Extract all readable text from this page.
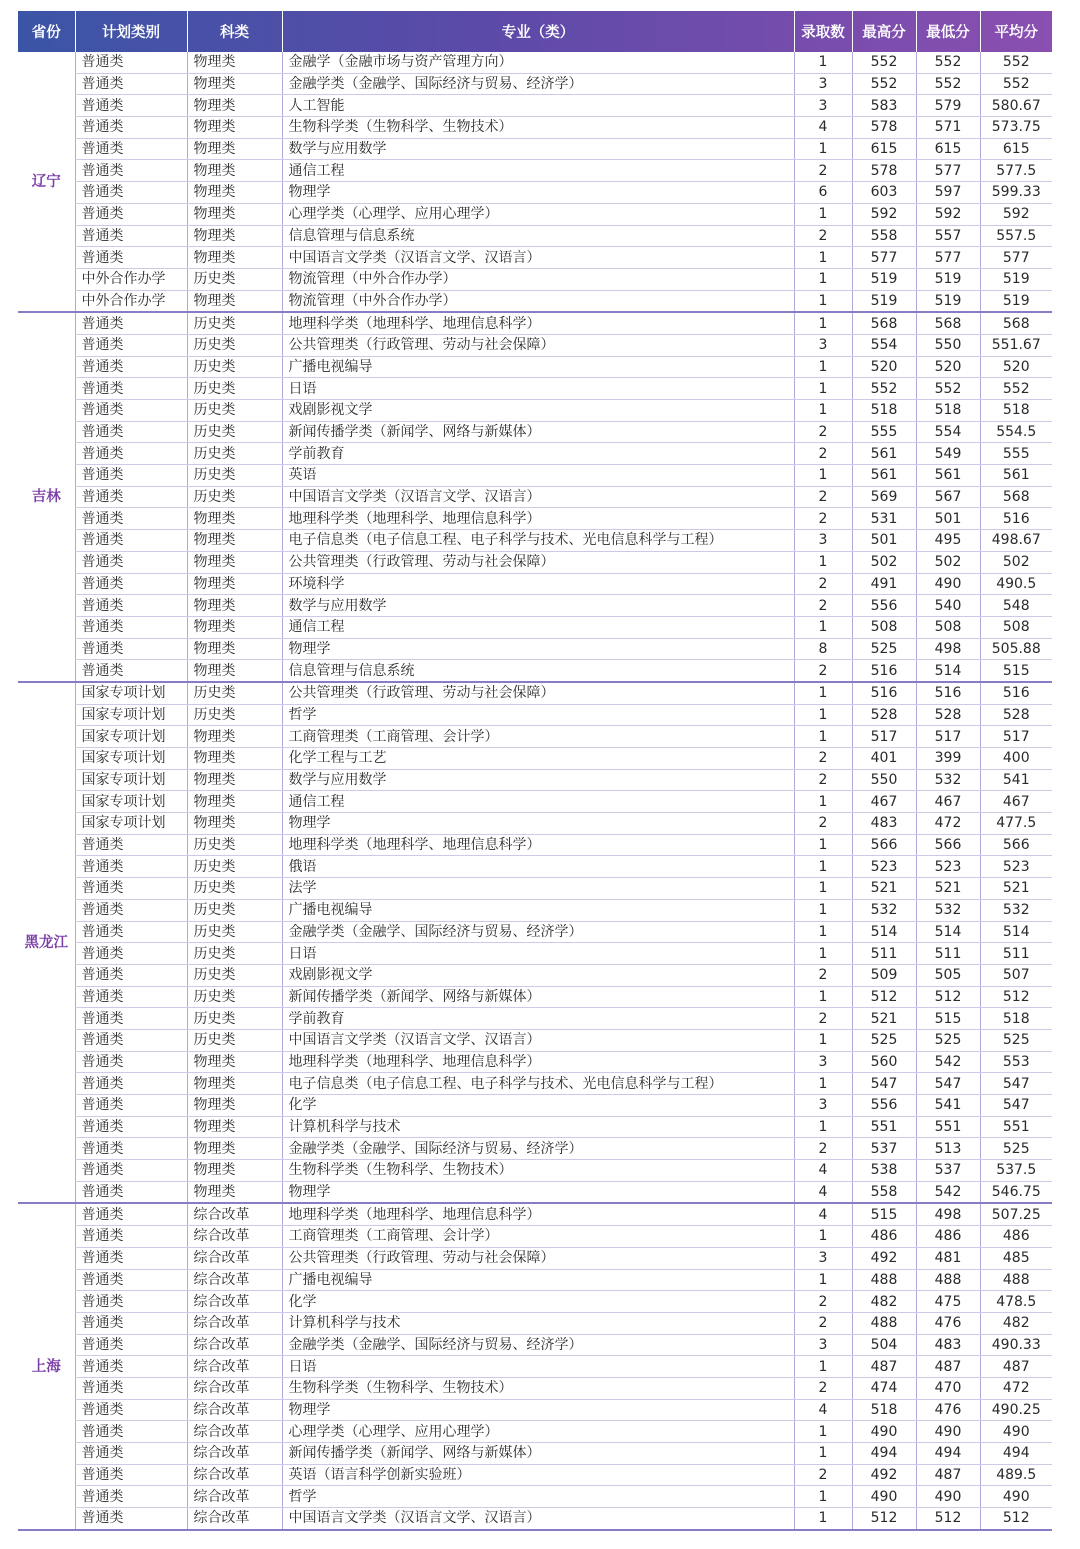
省份	计划类别	科类	专业（类）	录取数	最高分	最低分	平均分
辽宁	普通类	物理类	金融学（金融市场与资产管理方向）	1	552	552	552
	普通类	物理类	金融学类（金融学、国际经济与贸易、经济学）	3	552	552	552
	普通类	物理类	人工智能	3	583	579	580.67
	普通类	物理类	生物科学类（生物科学、生物技术）	4	578	571	573.75
	普通类	物理类	数学与应用数学	1	615	615	615
	普通类	物理类	通信工程	2	578	577	577.5
	普通类	物理类	物理学	6	603	597	599.33
	普通类	物理类	心理学类（心理学、应用心理学）	1	592	592	592
	普通类	物理类	信息管理与信息系统	2	558	557	557.5
	普通类	物理类	中国语言文学类（汉语言文学、汉语言）	1	577	577	577
	中外合作办学	历史类	物流管理（中外合作办学）	1	519	519	519
	中外合作办学	物理类	物流管理（中外合作办学）	1	519	519	519
吉林	普通类	历史类	地理科学类（地理科学、地理信息科学）	1	568	568	568
	普通类	历史类	公共管理类（行政管理、劳动与社会保障）	3	554	550	551.67
	普通类	历史类	广播电视编导	1	520	520	520
	普通类	历史类	日语	1	552	552	552
	普通类	历史类	戏剧影视文学	1	518	518	518
	普通类	历史类	新闻传播学类（新闻学、网络与新媒体）	2	555	554	554.5
	普通类	历史类	学前教育	2	561	549	555
	普通类	历史类	英语	1	561	561	561
	普通类	历史类	中国语言文学类（汉语言文学、汉语言）	2	569	567	568
	普通类	物理类	地理科学类（地理科学、地理信息科学）	2	531	501	516
	普通类	物理类	电子信息类（电子信息工程、电子科学与技术、光电信息科学与工程）	3	501	495	498.67
	普通类	物理类	公共管理类（行政管理、劳动与社会保障）	1	502	502	502
	普通类	物理类	环境科学	2	491	490	490.5
	普通类	物理类	数学与应用数学	2	556	540	548
	普通类	物理类	通信工程	1	508	508	508
	普通类	物理类	物理学	8	525	498	505.88
	普通类	物理类	信息管理与信息系统	2	516	514	515
黑龙江	国家专项计划	历史类	公共管理类（行政管理、劳动与社会保障）	1	516	516	516
	国家专项计划	历史类	哲学	1	528	528	528
	国家专项计划	物理类	工商管理类（工商管理、会计学）	1	517	517	517
	国家专项计划	物理类	化学工程与工艺	2	401	399	400
	国家专项计划	物理类	数学与应用数学	2	550	532	541
	国家专项计划	物理类	通信工程	1	467	467	467
	国家专项计划	物理类	物理学	2	483	472	477.5
	普通类	历史类	地理科学类（地理科学、地理信息科学）	1	566	566	566
	普通类	历史类	俄语	1	523	523	523
	普通类	历史类	法学	1	521	521	521
	普通类	历史类	广播电视编导	1	532	532	532
	普通类	历史类	金融学类（金融学、国际经济与贸易、经济学）	1	514	514	514
	普通类	历史类	日语	1	511	511	511
	普通类	历史类	戏剧影视文学	2	509	505	507
	普通类	历史类	新闻传播学类（新闻学、网络与新媒体）	1	512	512	512
	普通类	历史类	学前教育	2	521	515	518
	普通类	历史类	中国语言文学类（汉语言文学、汉语言）	1	525	525	525
	普通类	物理类	地理科学类（地理科学、地理信息科学）	3	560	542	553
	普通类	物理类	电子信息类（电子信息工程、电子科学与技术、光电信息科学与工程）	1	547	547	547
	普通类	物理类	化学	3	556	541	547
	普通类	物理类	计算机科学与技术	1	551	551	551
	普通类	物理类	金融学类（金融学、国际经济与贸易、经济学）	2	537	513	525
	普通类	物理类	生物科学类（生物科学、生物技术）	4	538	537	537.5
	普通类	物理类	物理学	4	558	542	546.75
上海	普通类	综合改革	地理科学类（地理科学、地理信息科学）	4	515	498	507.25
	普通类	综合改革	工商管理类（工商管理、会计学）	1	486	486	486
	普通类	综合改革	公共管理类（行政管理、劳动与社会保障）	3	492	481	485
	普通类	综合改革	广播电视编导	1	488	488	488
	普通类	综合改革	化学	2	482	475	478.5
	普通类	综合改革	计算机科学与技术	2	488	476	482
	普通类	综合改革	金融学类（金融学、国际经济与贸易、经济学）	3	504	483	490.33
	普通类	综合改革	日语	1	487	487	487
	普通类	综合改革	生物科学类（生物科学、生物技术）	2	474	470	472
	普通类	综合改革	物理学	4	518	476	490.25
	普通类	综合改革	心理学类（心理学、应用心理学）	1	490	490	490
	普通类	综合改革	新闻传播学类（新闻学、网络与新媒体）	1	494	494	494
	普通类	综合改革	英语（语言科学创新实验班）	2	492	487	489.5
	普通类	综合改革	哲学	1	490	490	490
	普通类	综合改革	中国语言文学类（汉语言文学、汉语言）	1	512	512	512
